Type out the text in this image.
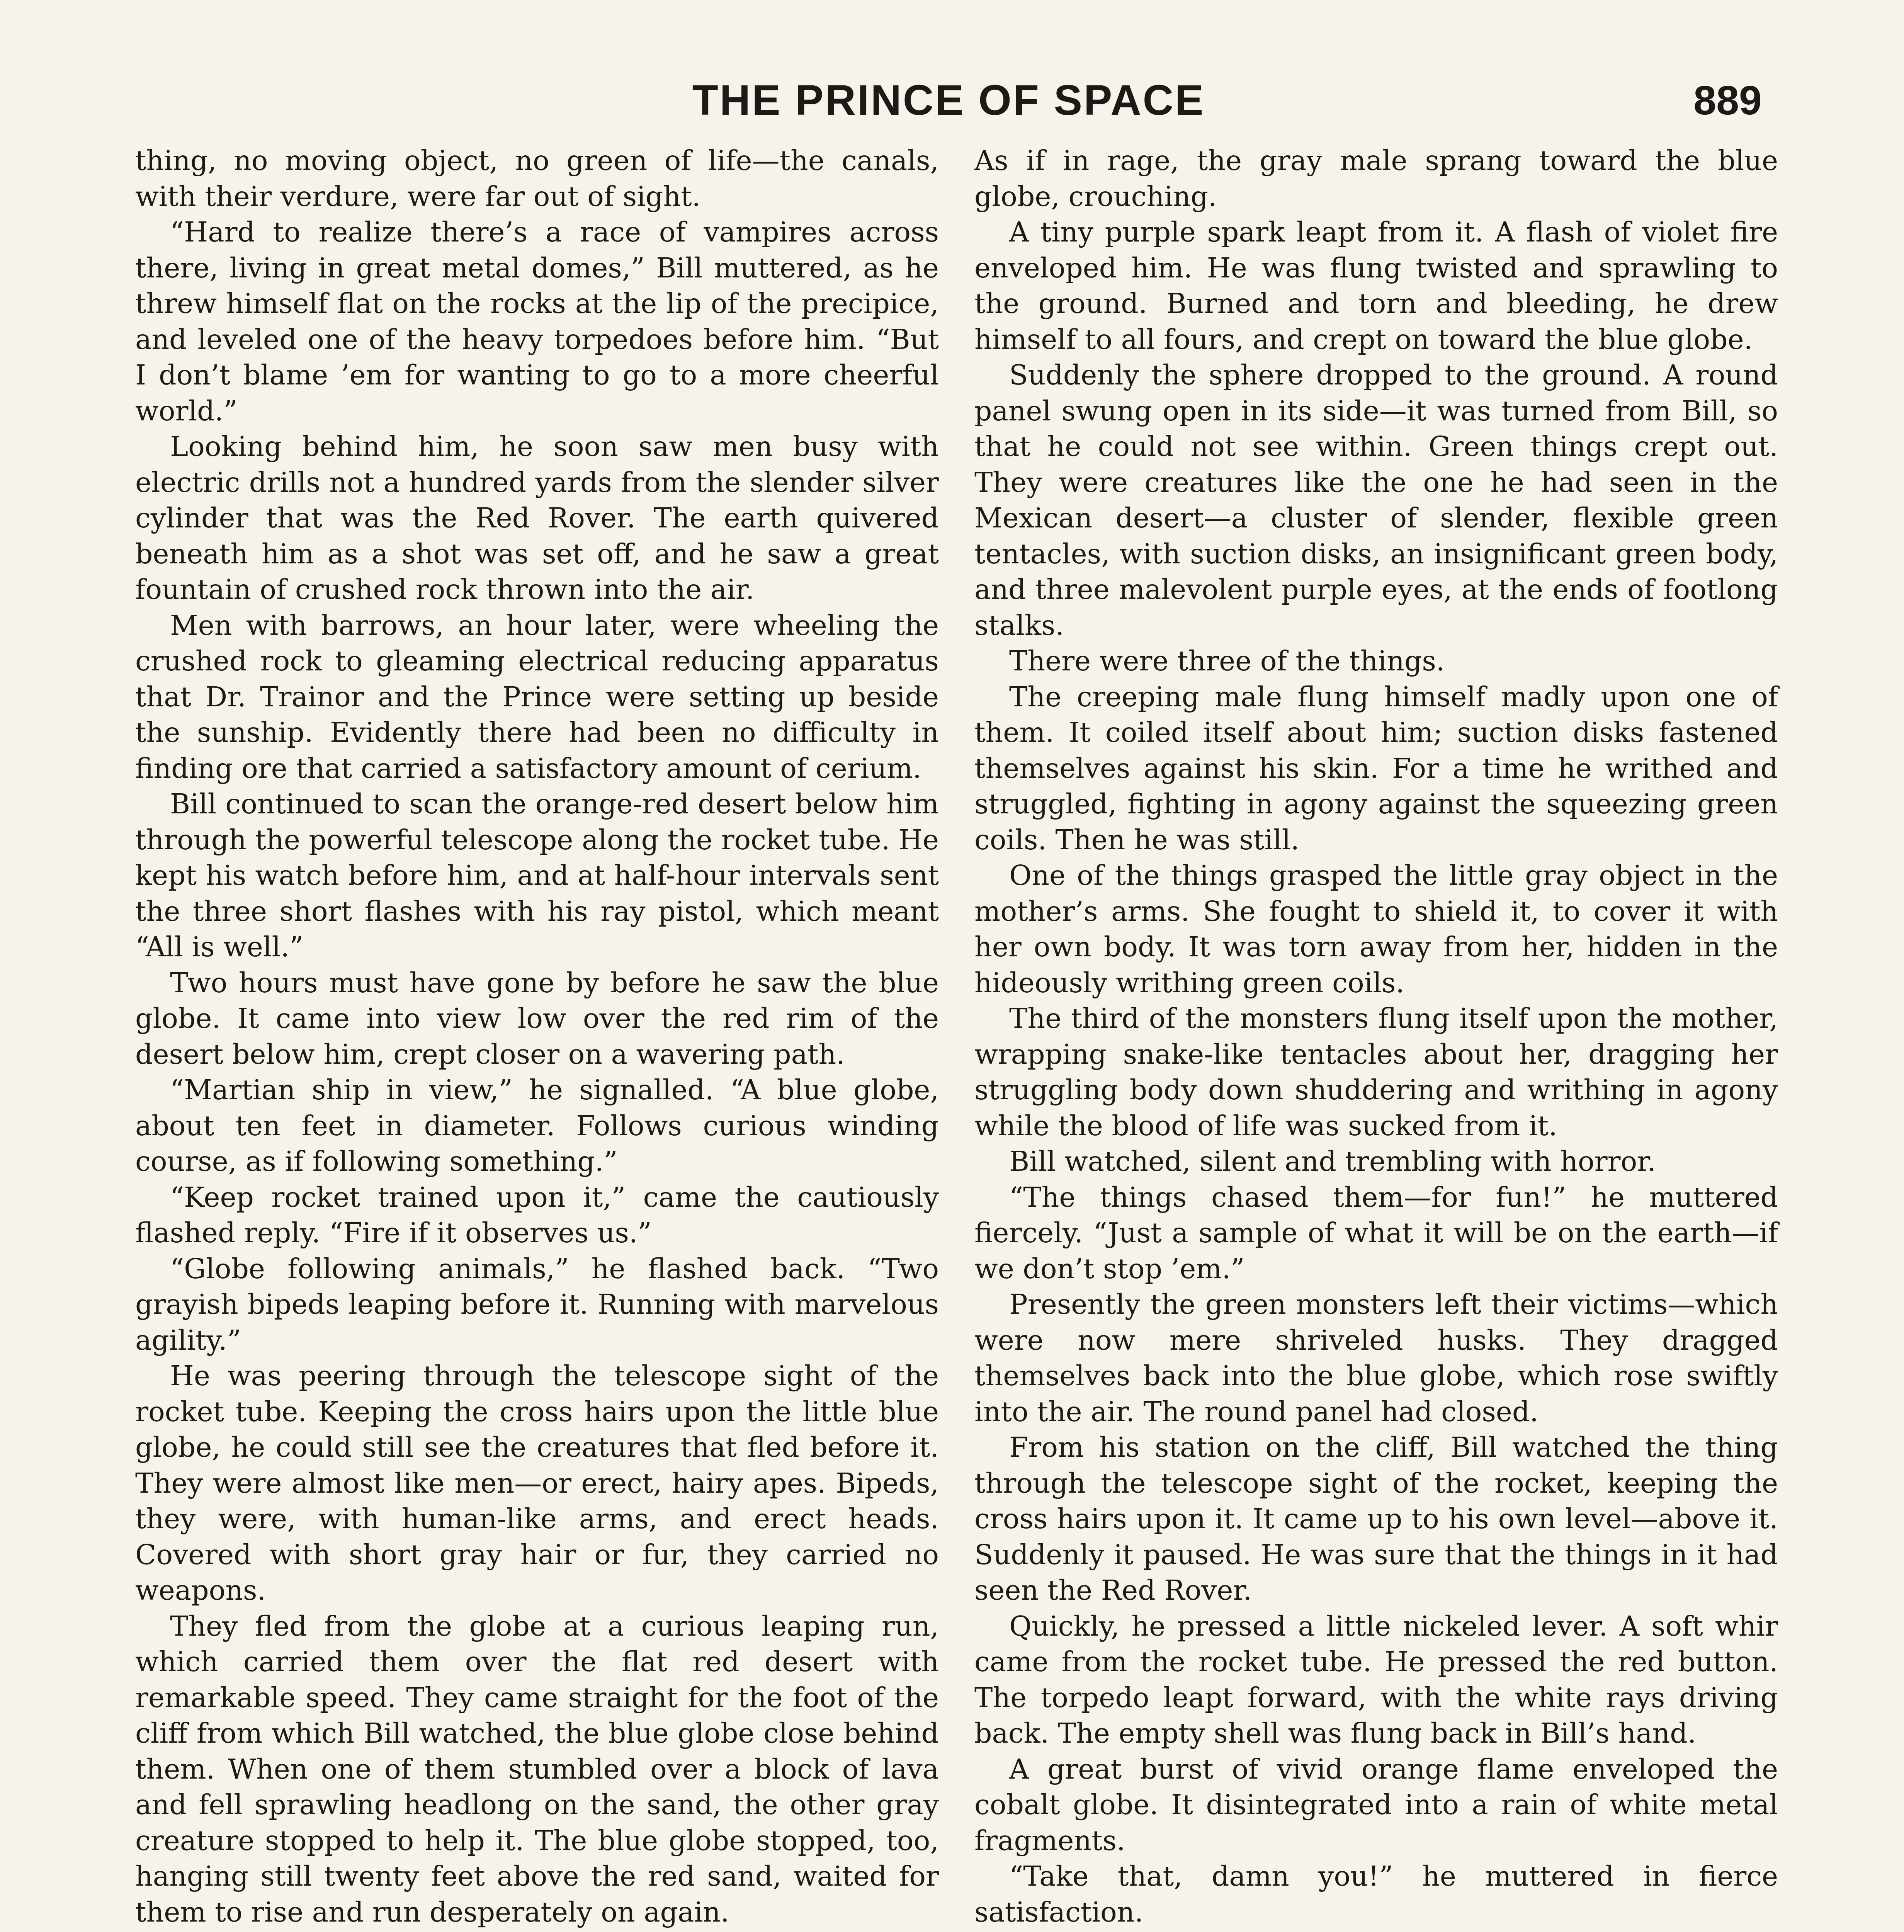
THE PRINCE OF SPACE	889

thing, no moving object, no green of life—the canals, with their verdure, were far out of sight.

“Hard to realize there’s a race of vampires across there, living in great metal domes,” Bill muttered, as he threw himself flat on the rocks at the lip of the precipice, and leveled one of the heavy torpedoes before him. “But I don’t blame ’em for wanting to go to a more cheerful world.”

Looking behind him, he soon saw men busy with electric drills not a hundred yards from the slender silver cylinder that was the Red Rover. The earth quivered beneath him as a shot was set off, and he saw a great fountain of crushed rock thrown into the air.

Men with barrows, an hour later, were wheeling the crushed rock to gleaming electrical reducing apparatus that Dr. Trainor and the Prince were setting up beside the sunship. Evidently there had been no difficulty in finding ore that carried a satisfactory amount of cerium.

Bill continued to scan the orange-red desert below him through the powerful telescope along the rocket tube. He kept his watch before him, and at half-hour intervals sent the three short flashes with his ray pistol, which meant “All is well.”

Two hours must have gone by before he saw the blue globe. It came into view low over the red rim of the desert below him, crept closer on a wavering path.

“Martian ship in view,” he signalled. “A blue globe, about ten feet in diameter. Follows curious winding course, as if following something.”

“Keep rocket trained upon it,” came the cautiously flashed reply. “Fire if it observes us.”

“Globe following animals,” he flashed back. “Two grayish bipeds leaping before it. Running with marvelous agility.”

He was peering through the telescope sight of the rocket tube. Keeping the cross hairs upon the little blue globe, he could still see the creatures that fled before it. They were almost like men—or erect, hairy apes. Bipeds, they were, with human-like arms, and erect heads. Covered with short gray hair or fur, they carried no weapons.

They fled from the globe at a curious leaping run, which carried them over the flat red desert with remarkable speed. They came straight for the foot of the cliff from which Bill watched, the blue globe close behind them. When one of them stumbled over a block of lava and fell sprawling headlong on the sand, the other gray creature stopped to help it. The blue globe stopped, too, hanging still twenty feet above the red sand, waited for them to rise and run desperately on again.

As if in rage, the gray male sprang toward the blue globe, crouching.

A tiny purple spark leapt from it. A flash of violet fire enveloped him. He was flung twisted and sprawling to the ground. Burned and torn and bleeding, he drew himself to all fours, and crept on toward the blue globe.

Suddenly the sphere dropped to the ground. A round panel swung open in its side—it was turned from Bill, so that he could not see within. Green things crept out. They were creatures like the one he had seen in the Mexican desert—a cluster of slender, flexible green tentacles, with suction disks, an insignificant green body, and three malevolent purple eyes, at the ends of footlong stalks.

There were three of the things.

The creeping male flung himself madly upon one of them. It coiled itself about him; suction disks fastened themselves against his skin. For a time he writhed and struggled, fighting in agony against the squeezing green coils. Then he was still.

One of the things grasped the little gray object in the mother’s arms. She fought to shield it, to cover it with her own body. It was torn away from her, hidden in the hideously writhing green coils.

The third of the monsters flung itself upon the mother, wrapping snake-like tentacles about her, dragging her struggling body down shuddering and writhing in agony while the blood of life was sucked from it.

Bill watched, silent and trembling with horror.

“The things chased them—for fun!” he muttered fiercely. “Just a sample of what it will be on the earth—if we don’t stop ’em.”

Presently the green monsters left their victims—which were now mere shriveled husks. They dragged themselves back into the blue globe, which rose swiftly into the air. The round panel had closed.

From his station on the cliff, Bill watched the thing through the telescope sight of the rocket, keeping the cross hairs upon it. It came up to his own level—above it. Suddenly it paused. He was sure that the things in it had seen the Red Rover.

Quickly, he pressed a little nickeled lever. A soft whir came from the rocket tube. He pressed the red button. The torpedo leapt forward, with the white rays driving back. The empty shell was flung back in Bill’s hand.

A great burst of vivid orange flame enveloped the cobalt globe. It disintegrated into a rain of white metal fragments.

“Take that, damn you!” he muttered in fierce satisfaction.
